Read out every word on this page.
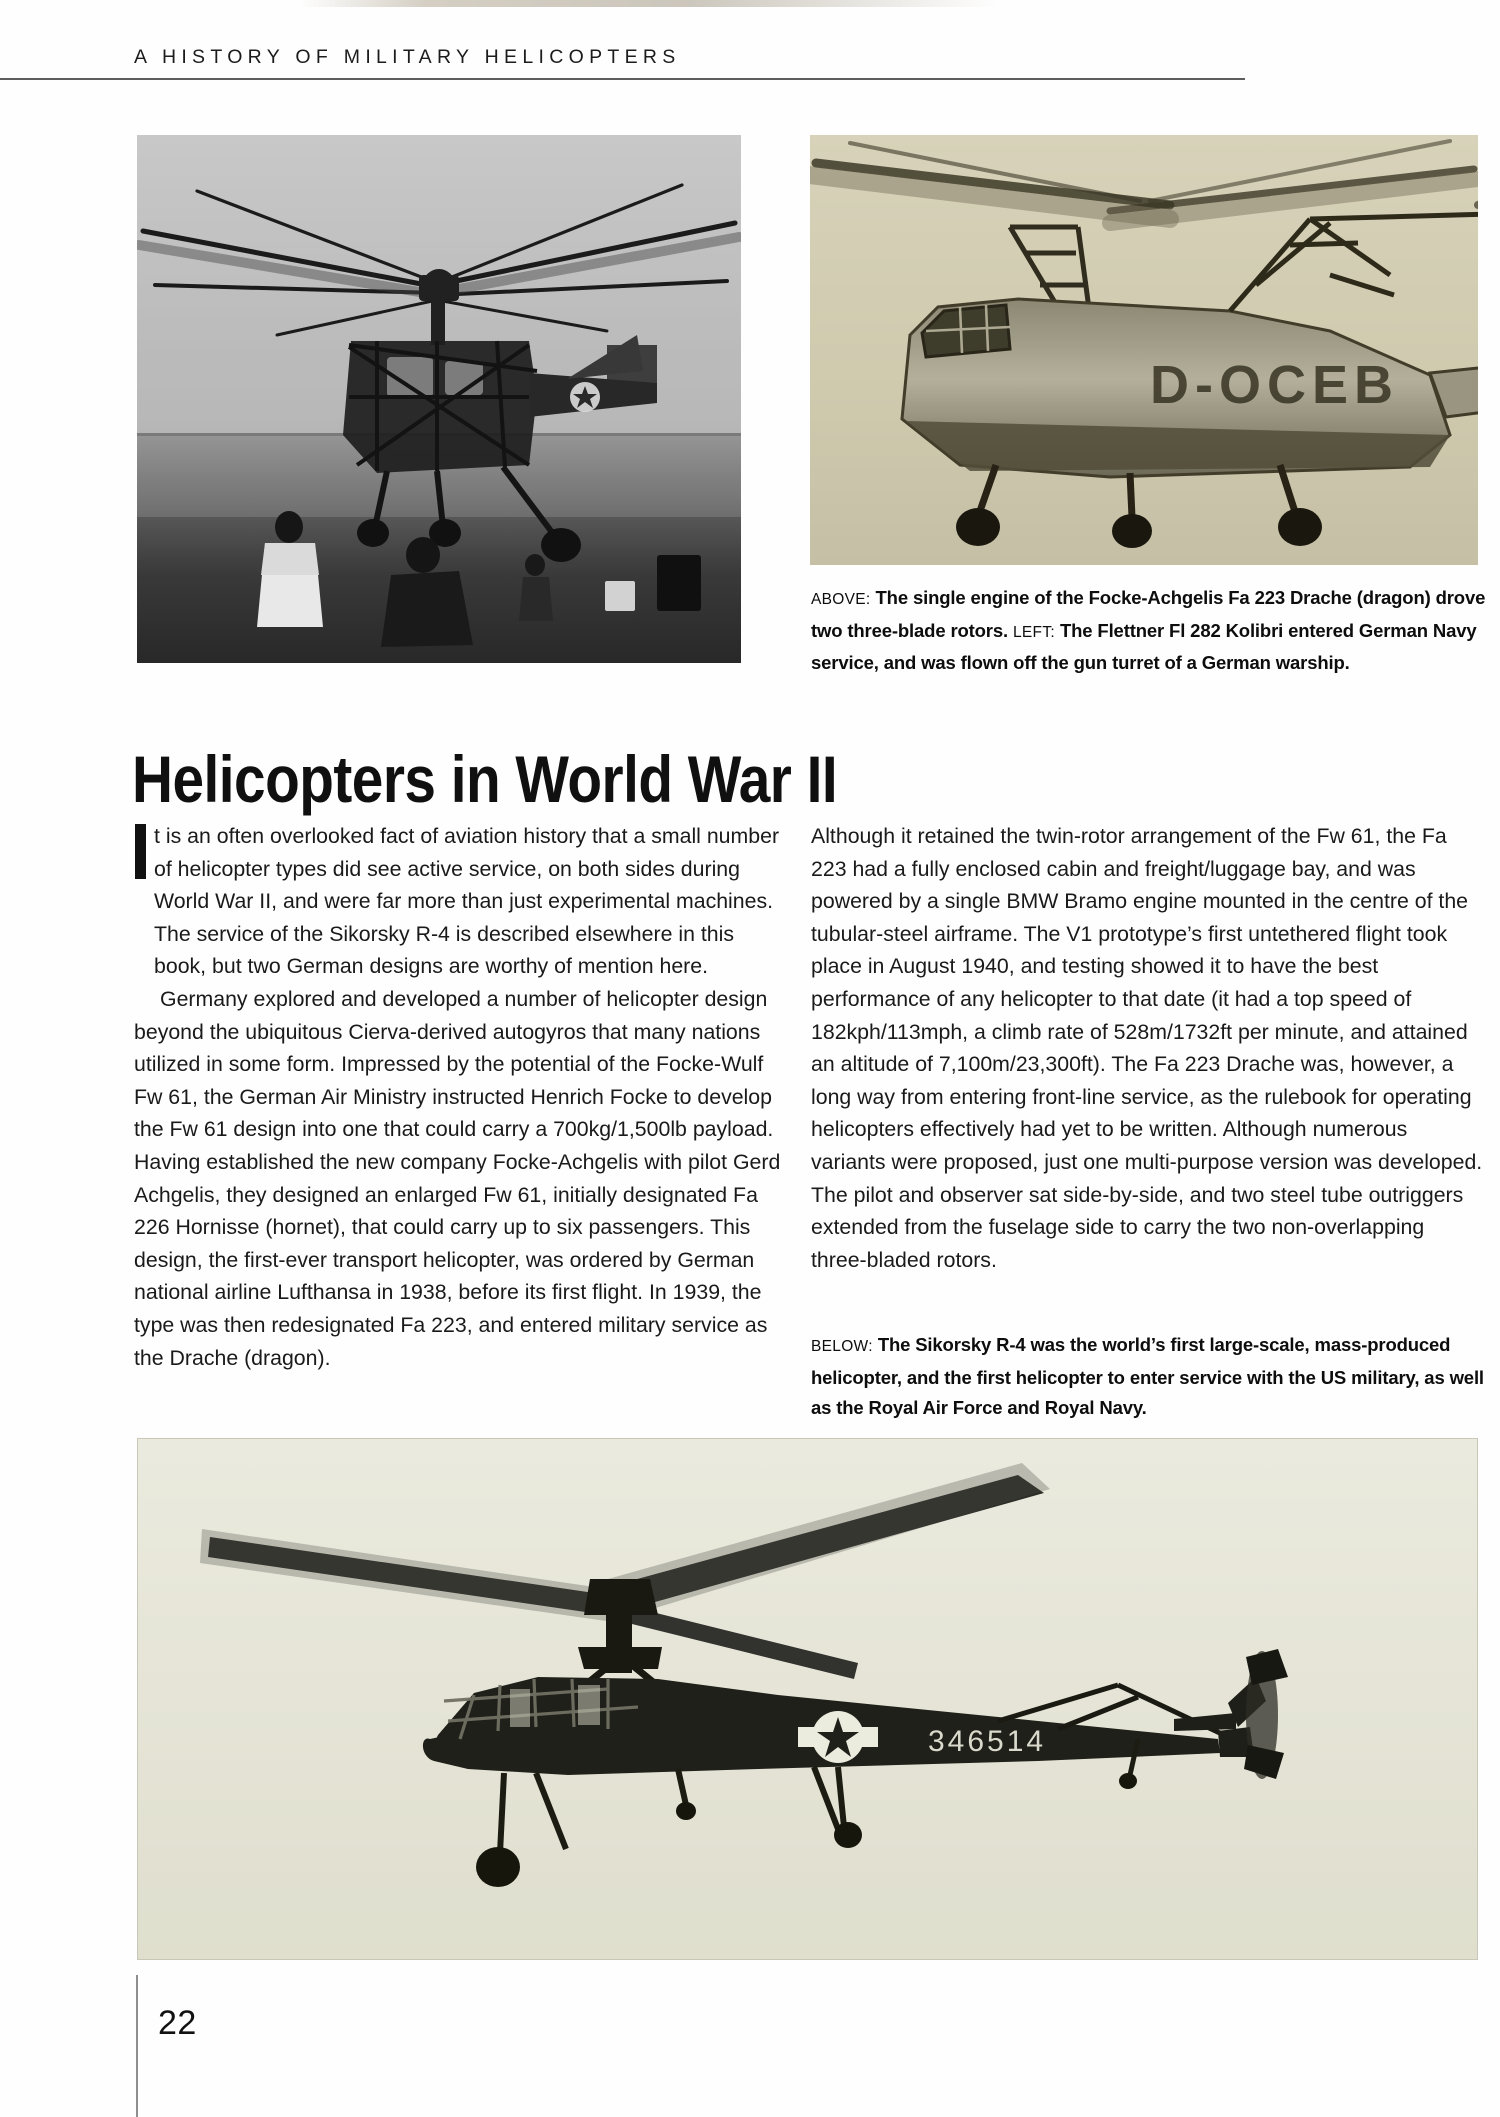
A HISTORY OF MILITARY HELICOPTERS
D-OCEB
ABOVE: The single engine of the Focke-Achgelis Fa 223 Drache (dragon) drove two three-blade rotors. LEFT: The Flettner Fl 282 Kolibri entered German Navy service, and was flown off the gun turret of a German warship.
Helicopters in World War II

t is an often overlooked fact of aviation history that a small number of helicopter types did see active service, on both sides during World War II, and were far more than just experimental machines. The service of the Sikorsky R-4 is described elsewhere in this book, but two German designs are worthy of mention here.

Germany explored and developed a number of helicopter design beyond the ubiquitous Cierva-derived autogyros that many nations utilized in some form. Impressed by the potential of the Focke-Wulf Fw 61, the German Air Ministry instructed Henrich Focke to develop the Fw 61 design into one that could carry a 700kg/1,500lb payload. Having established the new company Focke-Achgelis with pilot Gerd Achgelis, they designed an enlarged Fw 61, initially designated Fa 226 Hornisse (hornet), that could carry up to six passengers. This design, the first-ever transport helicopter, was ordered by German national airline Lufthansa in 1938, before its first flight. In 1939, the type was then redesignated Fa 223, and entered military service as the Drache (dragon).

Although it retained the twin-rotor arrangement of the Fw 61, the Fa 223 had a fully enclosed cabin and freight/luggage bay, and was powered by a single BMW Bramo engine mounted in the centre of the tubular-steel airframe. The V1 prototype’s first untethered flight took place in August 1940, and testing showed it to have the best performance of any helicopter to that date (it had a top speed of 182kph/113mph, a climb rate of 528m/1732ft per minute, and attained an altitude of 7,100m/23,300ft). The Fa 223 Drache was, however, a long way from entering front-line service, as the rulebook for operating helicopters effectively had yet to be written. Although numerous variants were proposed, just one multi-purpose version was developed. The pilot and observer sat side-by-side, and two steel tube outriggers extended from the fuselage side to carry the two non-overlapping three-bladed rotors.

BELOW: The Sikorsky R-4 was the world’s first large-scale, mass-produced helicopter, and the first helicopter to enter service with the US military, as well as the Royal Air Force and Royal Navy.
346514
22
